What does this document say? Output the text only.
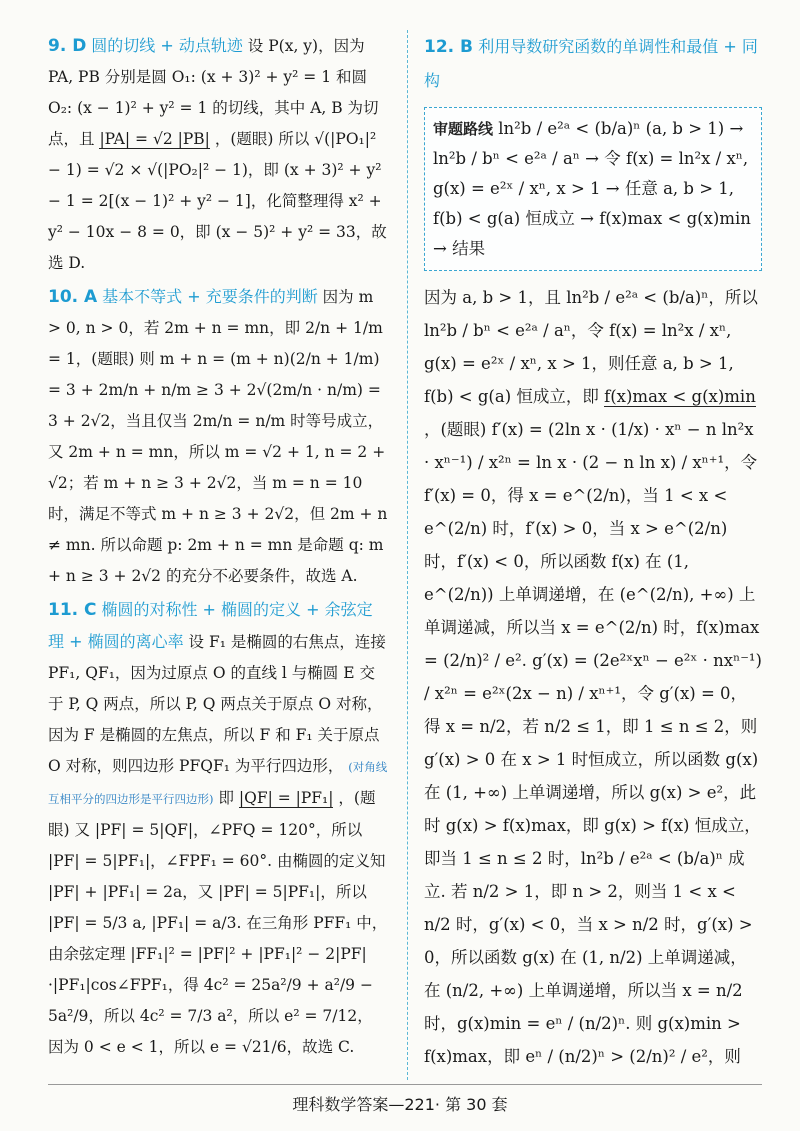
9. D 圆的切线 + 动点轨迹 设 P(x, y)，因为 PA, PB 分别是圆 O₁: (x + 3)² + y² = 1 和圆 O₂: (x − 1)² + y² = 1 的切线，其中 A, B 为切点，且 |PA| = √2 |PB| ，(题眼) 所以 √(|PO₁|² − 1) = √2 × √(|PO₂|² − 1)，即 (x + 3)² + y² − 1 = 2[(x − 1)² + y² − 1]，化简整理得 x² + y² − 10x − 8 = 0，即 (x − 5)² + y² = 33，故选 D.
10. A 基本不等式 + 充要条件的判断 因为 m > 0, n > 0，若 2m + n = mn，即 2/n + 1/m = 1，(题眼) 则 m + n = (m + n)(2/n + 1/m) = 3 + 2m/n + n/m ≥ 3 + 2√(2m/n · n/m) = 3 + 2√2，当且仅当 2m/n = n/m 时等号成立，又 2m + n = mn，所以 m = √2 + 1, n = 2 + √2；若 m + n ≥ 3 + 2√2，当 m = n = 10 时，满足不等式 m + n ≥ 3 + 2√2，但 2m + n ≠ mn. 所以命题 p: 2m + n = mn 是命题 q: m + n ≥ 3 + 2√2 的充分不必要条件，故选 A.
11. C 椭圆的对称性 + 椭圆的定义 + 余弦定理 + 椭圆的离心率 设 F₁ 是椭圆的右焦点，连接 PF₁, QF₁，因为过原点 O 的直线 l 与椭圆 E 交于 P, Q 两点，所以 P, Q 两点关于原点 O 对称，因为 F 是椭圆的左焦点，所以 F 和 F₁ 关于原点 O 对称，则四边形 PFQF₁ 为平行四边形， (对角线互相平分的四边形是平行四边形) 即 |QF| = |PF₁| ，(题眼) 又 |PF| = 5|QF|，∠PFQ = 120°，所以 |PF| = 5|PF₁|，∠FPF₁ = 60°. 由椭圆的定义知 |PF| + |PF₁| = 2a，又 |PF| = 5|PF₁|，所以 |PF| = 5/3 a, |PF₁| = a/3. 在三角形 PFF₁ 中，由余弦定理 |FF₁|² = |PF|² + |PF₁|² − 2|PF|·|PF₁|cos∠FPF₁，得 4c² = 25a²/9 + a²/9 − 5a²/9，所以 4c² = 7/3 a²，所以 e² = 7/12，因为 0 < e < 1，所以 e = √21/6，故选 C.
12. B 利用导数研究函数的单调性和最值 + 同构
审题路线 ln²b / e²ᵃ < (b/a)ⁿ (a, b > 1) → ln²b / bⁿ < e²ᵃ / aⁿ → 令 f(x) = ln²x / xⁿ, g(x) = e²ˣ / xⁿ, x > 1 → 任意 a, b > 1, f(b) < g(a) 恒成立 → f(x)max < g(x)min → 结果
因为 a, b > 1，且 ln²b / e²ᵃ < (b/a)ⁿ，所以 ln²b / bⁿ < e²ᵃ / aⁿ，令 f(x) = ln²x / xⁿ, g(x) = e²ˣ / xⁿ, x > 1，则任意 a, b > 1, f(b) < g(a) 恒成立，即 f(x)max < g(x)min ，(题眼) f′(x) = (2ln x · (1/x) · xⁿ − n ln²x · xⁿ⁻¹) / x²ⁿ = ln x · (2 − n ln x) / xⁿ⁺¹，令 f′(x) = 0，得 x = e^(2/n)，当 1 < x < e^(2/n) 时，f′(x) > 0，当 x > e^(2/n) 时，f′(x) < 0，所以函数 f(x) 在 (1, e^(2/n)) 上单调递增，在 (e^(2/n), +∞) 上单调递减，所以当 x = e^(2/n) 时，f(x)max = (2/n)² / e². g′(x) = (2e²ˣxⁿ − e²ˣ · nxⁿ⁻¹) / x²ⁿ = e²ˣ(2x − n) / xⁿ⁺¹，令 g′(x) = 0，得 x = n/2，若 n/2 ≤ 1，即 1 ≤ n ≤ 2，则 g′(x) > 0 在 x > 1 时恒成立，所以函数 g(x) 在 (1, +∞) 上单调递增，所以 g(x) > e²，此时 g(x) > f(x)max，即 g(x) > f(x) 恒成立，即当 1 ≤ n ≤ 2 时，ln²b / e²ᵃ < (b/a)ⁿ 成立. 若 n/2 > 1，即 n > 2，则当 1 < x < n/2 时，g′(x) < 0，当 x > n/2 时，g′(x) > 0，所以函数 g(x) 在 (1, n/2) 上单调递减，在 (n/2, +∞) 上单调递增，所以当 x = n/2 时，g(x)min = eⁿ / (n/2)ⁿ. 则 g(x)min > f(x)max，即 eⁿ / (n/2)ⁿ > (2/n)² / e²，则
理科数学答案—221· 第 30 套
